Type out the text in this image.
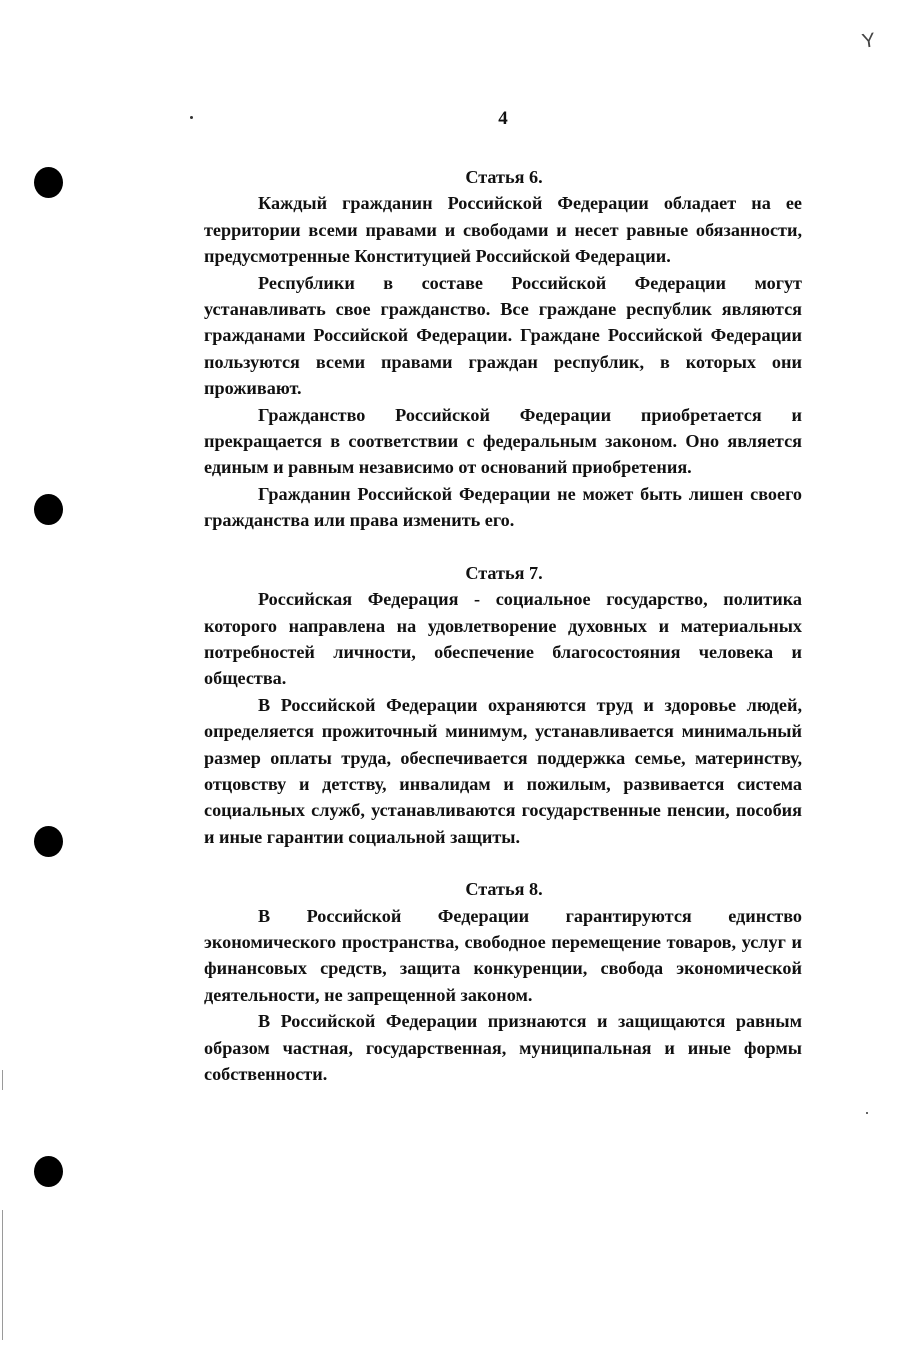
Y
4
Статья 6.

Каждый гражданин Российской Федерации обладает на ее территории всеми правами и свободами и несет равные обязанности, предусмотренные Конституцией Российской Федерации.

Республики в составе Российской Федерации могут устанавливать свое гражданство. Все граждане республик являются гражданами Российской Федерации. Граждане Российской Федерации пользуются всеми правами граждан республик, в которых они проживают.

Гражданство Российской Федерации приобретается и прекращается в соответствии с федеральным законом. Оно является единым и равным независимо от оснований приобретения.

Гражданин Российской Федерации не может быть лишен своего гражданства или права изменить его.

Статья 7.

Российская Федерация - социальное государство, политика которого направлена на удовлетворение духовных и материальных потребностей личности, обеспечение благосостояния человека и общества.

В Российской Федерации охраняются труд и здоровье людей, определяется прожиточный минимум, устанавливается минимальный размер оплаты труда, обеспечивается поддержка семье, материнству, отцовству и детству, инвалидам и пожилым, развивается система социальных служб, устанавливаются государственные пенсии, пособия и иные гарантии социальной защиты.

Статья 8.

В Российской Федерации гарантируются единство экономического пространства, свободное перемещение товаров, услуг и финансовых средств, защита конкуренции, свобода экономической деятельности, не запрещенной законом.

В Российской Федерации признаются и защищаются равным образом частная, государственная, муниципальная и иные формы собственности.
